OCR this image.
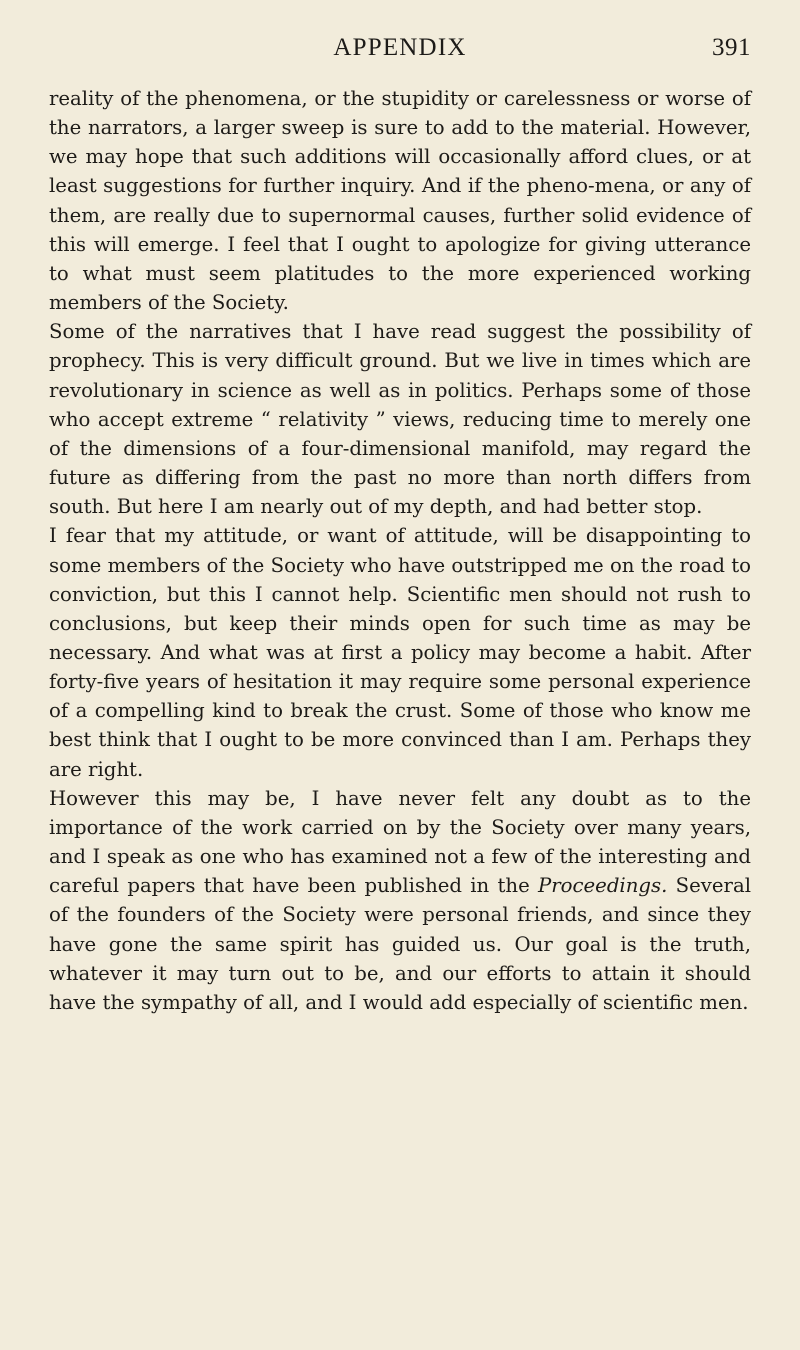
APPENDIX	391

reality of the phenomena, or the stupidity or carelessness or worse of the narrators, a larger sweep is sure to add to the material. However, we may hope that such additions will occasionally afford clues, or at least suggestions for further inquiry. And if the pheno-mena, or any of them, are really due to supernormal causes, further solid evidence of this will emerge. I feel that I ought to apologize for giving utterance to what must seem platitudes to the more experienced working members of the Society.

Some of the narratives that I have read suggest the possibility of prophecy. This is very difficult ground. But we live in times which are revolutionary in science as well as in politics. Perhaps some of those who accept extreme “ relativity ” views, reducing time to merely one of the dimensions of a four-dimensional manifold, may regard the future as differing from the past no more than north differs from south. But here I am nearly out of my depth, and had better stop.

I fear that my attitude, or want of attitude, will be disappointing to some members of the Society who have outstripped me on the road to conviction, but this I cannot help. Scientific men should not rush to conclusions, but keep their minds open for such time as may be necessary. And what was at first a policy may become a habit. After forty-five years of hesitation it may require some personal experience of a compelling kind to break the crust. Some of those who know me best think that I ought to be more convinced than I am. Perhaps they are right.

However this may be, I have never felt any doubt as to the importance of the work carried on by the Society over many years, and I speak as one who has examined not a few of the interesting and careful papers that have been published in the Proceedings. Several of the founders of the Society were personal friends, and since they have gone the same spirit has guided us. Our goal is the truth, whatever it may turn out to be, and our efforts to attain it should have the sympathy of all, and I would add especially of scientific men.
